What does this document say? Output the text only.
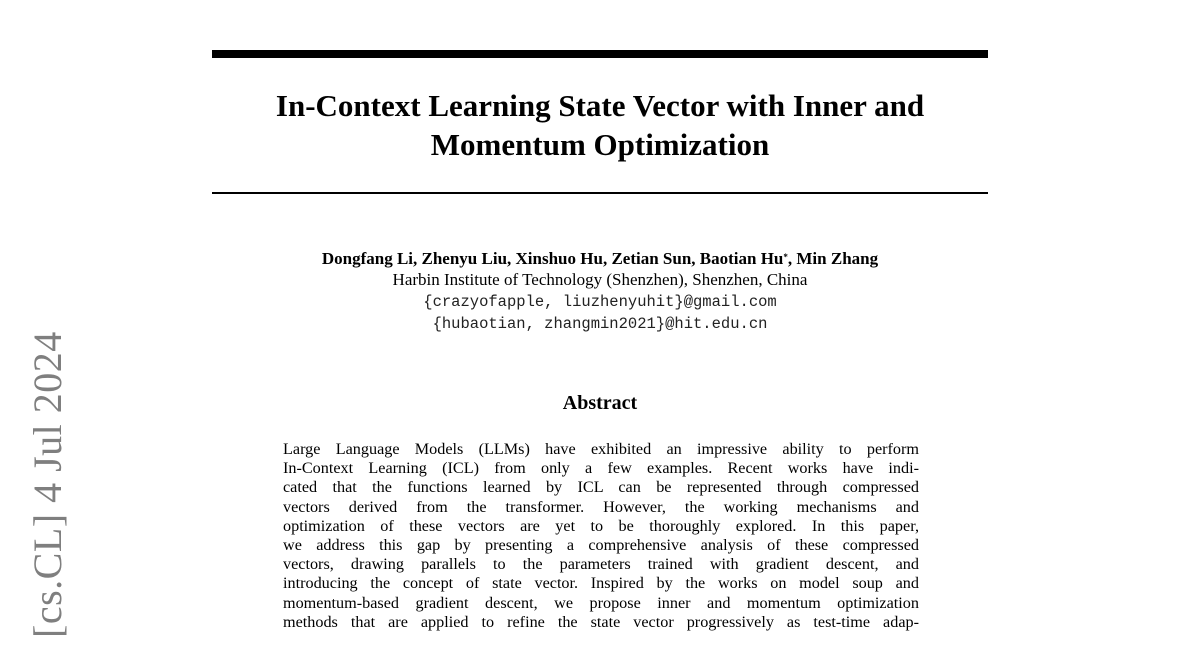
[cs.CL] 4 Jul 2024
In-Context Learning State Vector with Inner and
Momentum Optimization
Dongfang Li, Zhenyu Liu, Xinshuo Hu, Zetian Sun, Baotian Hu*, Min Zhang
Harbin Institute of Technology (Shenzhen), Shenzhen, China
{crazyofapple, liuzhenyuhit}@gmail.com
{hubaotian, zhangmin2021}@hit.edu.cn
Abstract
Large Language Models (LLMs) have exhibited an impressive ability to perform
In-Context Learning (ICL) from only a few examples. Recent works have indi-
cated that the functions learned by ICL can be represented through compressed
vectors derived from the transformer. However, the working mechanisms and
optimization of these vectors are yet to be thoroughly explored. In this paper,
we address this gap by presenting a comprehensive analysis of these compressed
vectors, drawing parallels to the parameters trained with gradient descent, and
introducing the concept of state vector. Inspired by the works on model soup and
momentum-based gradient descent, we propose inner and momentum optimization
methods that are applied to refine the state vector progressively as test-time adap-
